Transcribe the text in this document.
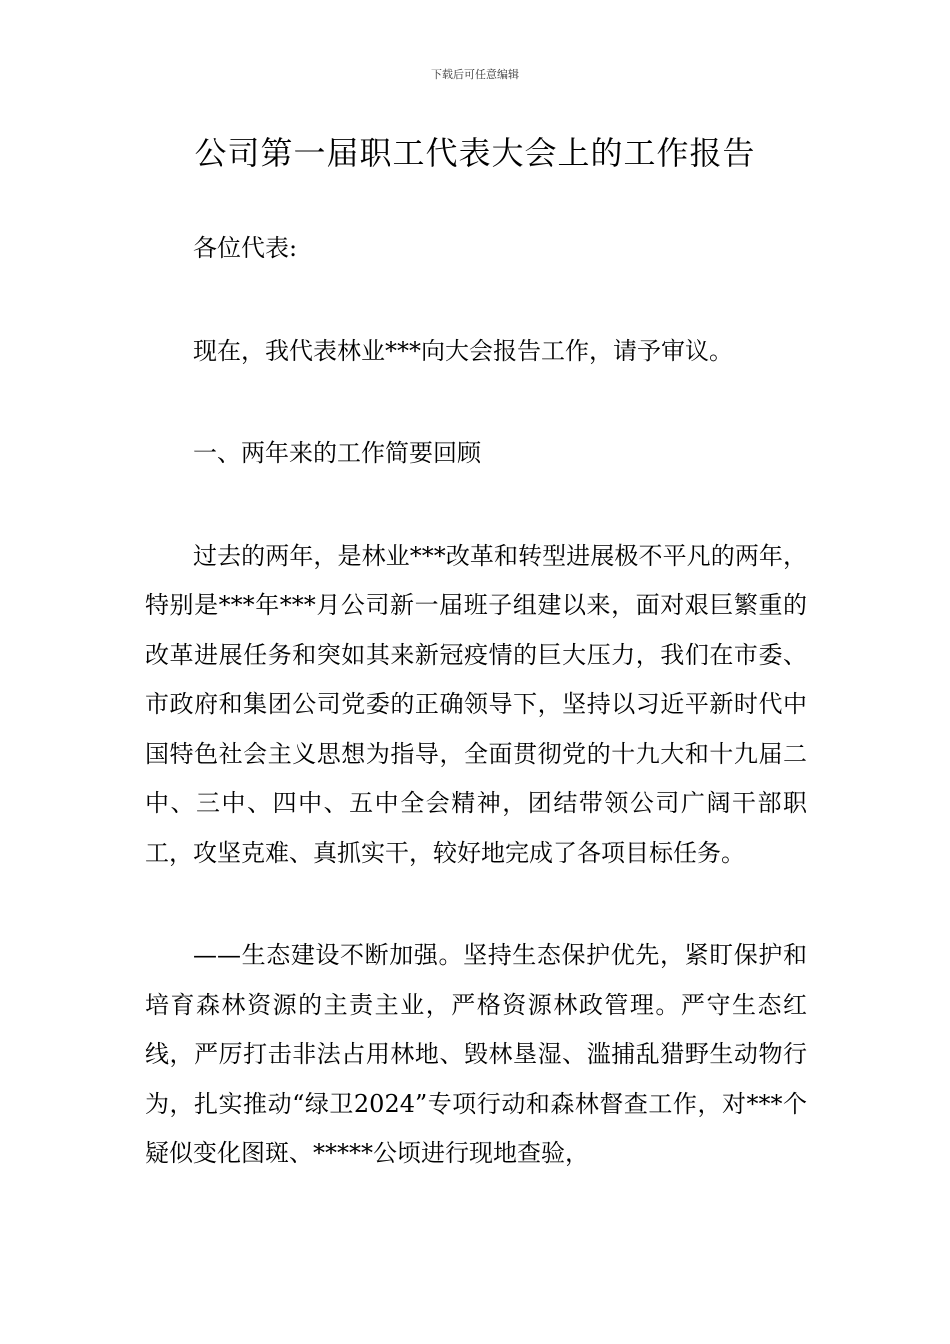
下载后可任意编辑
公司第一届职工代表大会上的工作报告

各位代表:

现在，我代表林业***向大会报告工作，请予审议。

一、两年来的工作简要回顾

过去的两年，是林业***改革和转型进展极不平凡的两年，特别是***年***月公司新一届班子组建以来，面对艰巨繁重的改革进展任务和突如其来新冠疫情的巨大压力，我们在市委、市政府和集团公司党委的正确领导下，坚持以习近平新时代中国特色社会主义思想为指导，全面贯彻党的十九大和十九届二中、三中、四中、五中全会精神，团结带领公司广阔干部职工，攻坚克难、真抓实干，较好地完成了各项目标任务。

——生态建设不断加强。坚持生态保护优先，紧盯保护和培育森林资源的主责主业，严格资源林政管理。严守生态红线，严厉打击非法占用林地、毁林垦湿、滥捕乱猎野生动物行为，扎实推动“绿卫2024”专项行动和森林督查工作，对***个疑似变化图斑、*****公顷进行现地查验，
